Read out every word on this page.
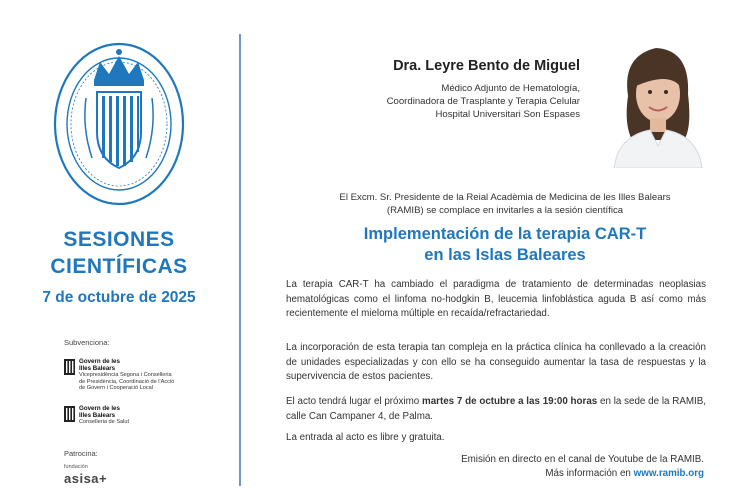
SESIONES
CIENTÍFICAS
7 de octubre de 2025
Subvenciona:
Govern de les
Illes Balears
Vicepresidència Segona i Conselleria
de Presidència, Coordinació de l'Acció
de Govern i Cooperació Local
Govern de les
Illes Balears
Conselleria de Salut
Patrocina:
fundación
asisa+
Dra. Leyre Bento de Miguel
Médico Adjunto de Hematología,
Coordinadora de Trasplante y Terapia Celular
Hospital Universitari Son Espases
El Excm. Sr. Presidente de la Reial Acadèmia de Medicina de les Illes Balears
(RAMIB) se complace en invitarles a la sesión científica
Implementación de la terapia CAR-T
en las Islas Baleares
La terapia CAR-T ha cambiado el paradigma de tratamiento de determinadas neoplasias hematológicas como el linfoma no-hodgkin B, leucemia linfoblástica aguda B así como más recientemente el mieloma múltiple en recaída/refractariedad.
La incorporación de esta terapia tan compleja en la práctica clínica ha conllevado a la creación de unidades especializadas y con ello se ha conseguido aumentar la tasa de respuestas y la supervivencia de estos pacientes.
El acto tendrá lugar el próximo martes 7 de octubre a las 19:00 horas en la sede de la RAMIB, calle Can Campaner 4, de Palma.
La entrada al acto es libre y gratuita.
Emisión en directo en el canal de Youtube de la RAMIB.
Más información en www.ramib.org
